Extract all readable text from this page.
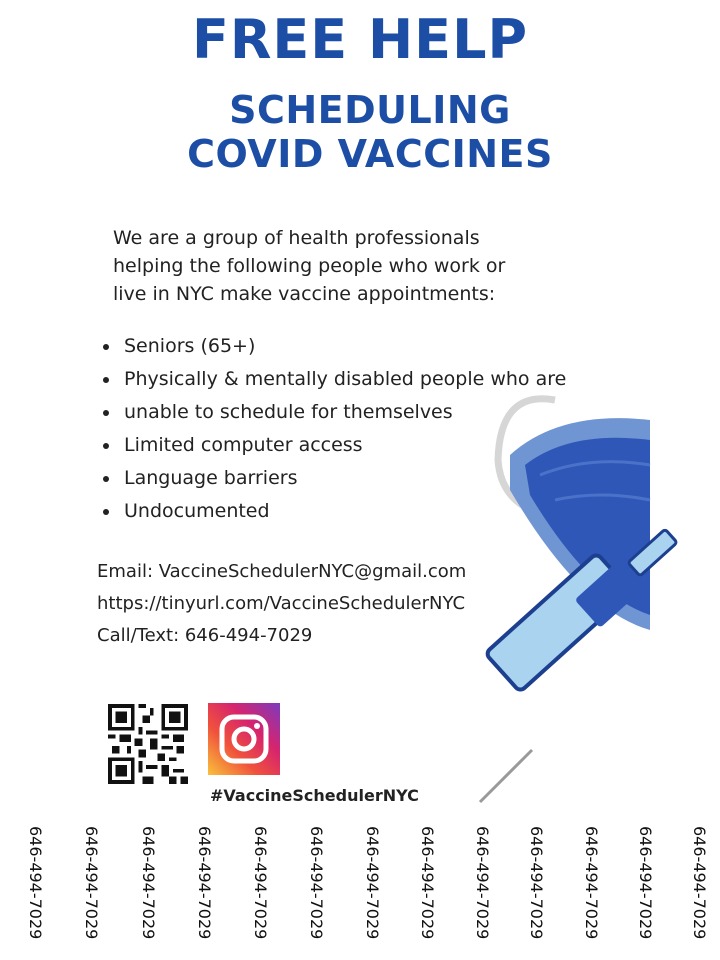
FREE HELP
SCHEDULING
COVID VACCINES
We are a group of health professionals
helping the following people who work or
live in NYC make vaccine appointments:
Seniors (65+)
Physically & mentally disabled people who are
unable to schedule for themselves
Limited computer access
Language barriers
Undocumented
Email: VaccineSchedulerNYC@gmail.com
https://tinyurl.com/VaccineSchedulerNYC
Call/Text: 646-494-7029
#VaccineSchedulerNYC
646-494-7029 646-494-7029 646-494-7029 646-494-7029 646-494-7029 646-494-7029 646-494-7029 646-494-7029 646-494-7029 646-494-7029 646-494-7029 646-494-7029 646-494-7029
